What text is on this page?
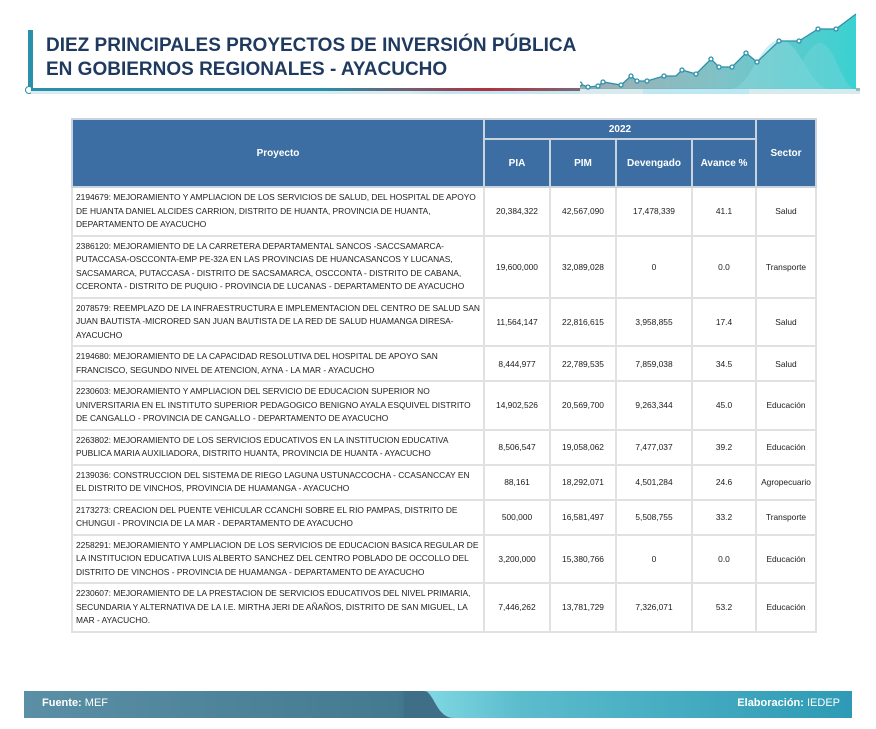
DIEZ PRINCIPALES PROYECTOS DE INVERSIÓN PÚBLICA
EN GOBIERNOS REGIONALES - AYACUCHO
Proyecto	2022				Sector
	PIA	PIM	Devengado	Avance %	
2194679: MEJORAMIENTO Y AMPLIACION DE LOS SERVICIOS DE SALUD, DEL HOSPITAL DE APOYO DE HUANTA DANIEL ALCIDES CARRION, DISTRITO DE HUANTA, PROVINCIA DE HUANTA, DEPARTAMENTO DE AYACUCHO	20,384,322	42,567,090	17,478,339	41.1	Salud
2386120: MEJORAMIENTO DE LA CARRETERA DEPARTAMENTAL SANCOS -SACCSAMARCA-PUTACCASA-OSCCONTA-EMP PE-32A EN LAS PROVINCIAS DE HUANCASANCOS Y LUCANAS, SACSAMARCA, PUTACCASA - DISTRITO DE SACSAMARCA, OSCCONTA - DISTRITO DE CABANA, CCERONTA - DISTRITO DE PUQUIO - PROVINCIA DE LUCANAS - DEPARTAMENTO DE AYACUCHO	19,600,000	32,089,028	0	0.0	Transporte
2078579: REEMPLAZO DE LA INFRAESTRUCTURA E IMPLEMENTACION DEL CENTRO DE SALUD SAN JUAN BAUTISTA -MICRORED SAN JUAN BAUTISTA DE LA RED DE SALUD HUAMANGA DIRESA-AYACUCHO	11,564,147	22,816,615	3,958,855	17.4	Salud
2194680: MEJORAMIENTO DE LA CAPACIDAD RESOLUTIVA DEL HOSPITAL DE APOYO SAN FRANCISCO, SEGUNDO NIVEL DE ATENCION, AYNA - LA MAR - AYACUCHO	8,444,977	22,789,535	7,859,038	34.5	Salud
2230603: MEJORAMIENTO Y AMPLIACION DEL SERVICIO DE EDUCACION SUPERIOR NO UNIVERSITARIA EN EL INSTITUTO SUPERIOR PEDAGOGICO BENIGNO AYALA ESQUIVEL DISTRITO DE CANGALLO - PROVINCIA DE CANGALLO - DEPARTAMENTO DE AYACUCHO	14,902,526	20,569,700	9,263,344	45.0	Educación
2263802: MEJORAMIENTO DE LOS SERVICIOS EDUCATIVOS EN LA INSTITUCION EDUCATIVA PUBLICA MARIA AUXILIADORA, DISTRITO HUANTA, PROVINCIA DE HUANTA - AYACUCHO	8,506,547	19,058,062	7,477,037	39.2	Educación
2139036: CONSTRUCCION DEL SISTEMA DE RIEGO LAGUNA USTUNACCOCHA - CCASANCCAY EN EL DISTRITO DE VINCHOS, PROVINCIA DE HUAMANGA - AYACUCHO	88,161	18,292,071	4,501,284	24.6	Agropecuario
2173273: CREACION DEL PUENTE VEHICULAR CCANCHI SOBRE EL RIO PAMPAS, DISTRITO DE CHUNGUI - PROVINCIA DE LA MAR - DEPARTAMENTO DE AYACUCHO	500,000	16,581,497	5,508,755	33.2	Transporte
2258291: MEJORAMIENTO Y AMPLIACION DE LOS SERVICIOS DE EDUCACION BASICA REGULAR DE LA INSTITUCION EDUCATIVA LUIS ALBERTO SANCHEZ DEL CENTRO POBLADO DE OCCOLLO DEL DISTRITO DE VINCHOS - PROVINCIA DE HUAMANGA - DEPARTAMENTO DE AYACUCHO	3,200,000	15,380,766	0	0.0	Educación
2230607: MEJORAMIENTO DE LA PRESTACION DE SERVICIOS EDUCATIVOS DEL NIVEL PRIMARIA, SECUNDARIA Y ALTERNATIVA DE LA I.E. MIRTHA JERI DE AÑAÑOS, DISTRITO DE SAN MIGUEL, LA MAR - AYACUCHO.	7,446,262	13,781,729	7,326,071	53.2	Educación
Fuente: MEF	Elaboración: IEDEP
